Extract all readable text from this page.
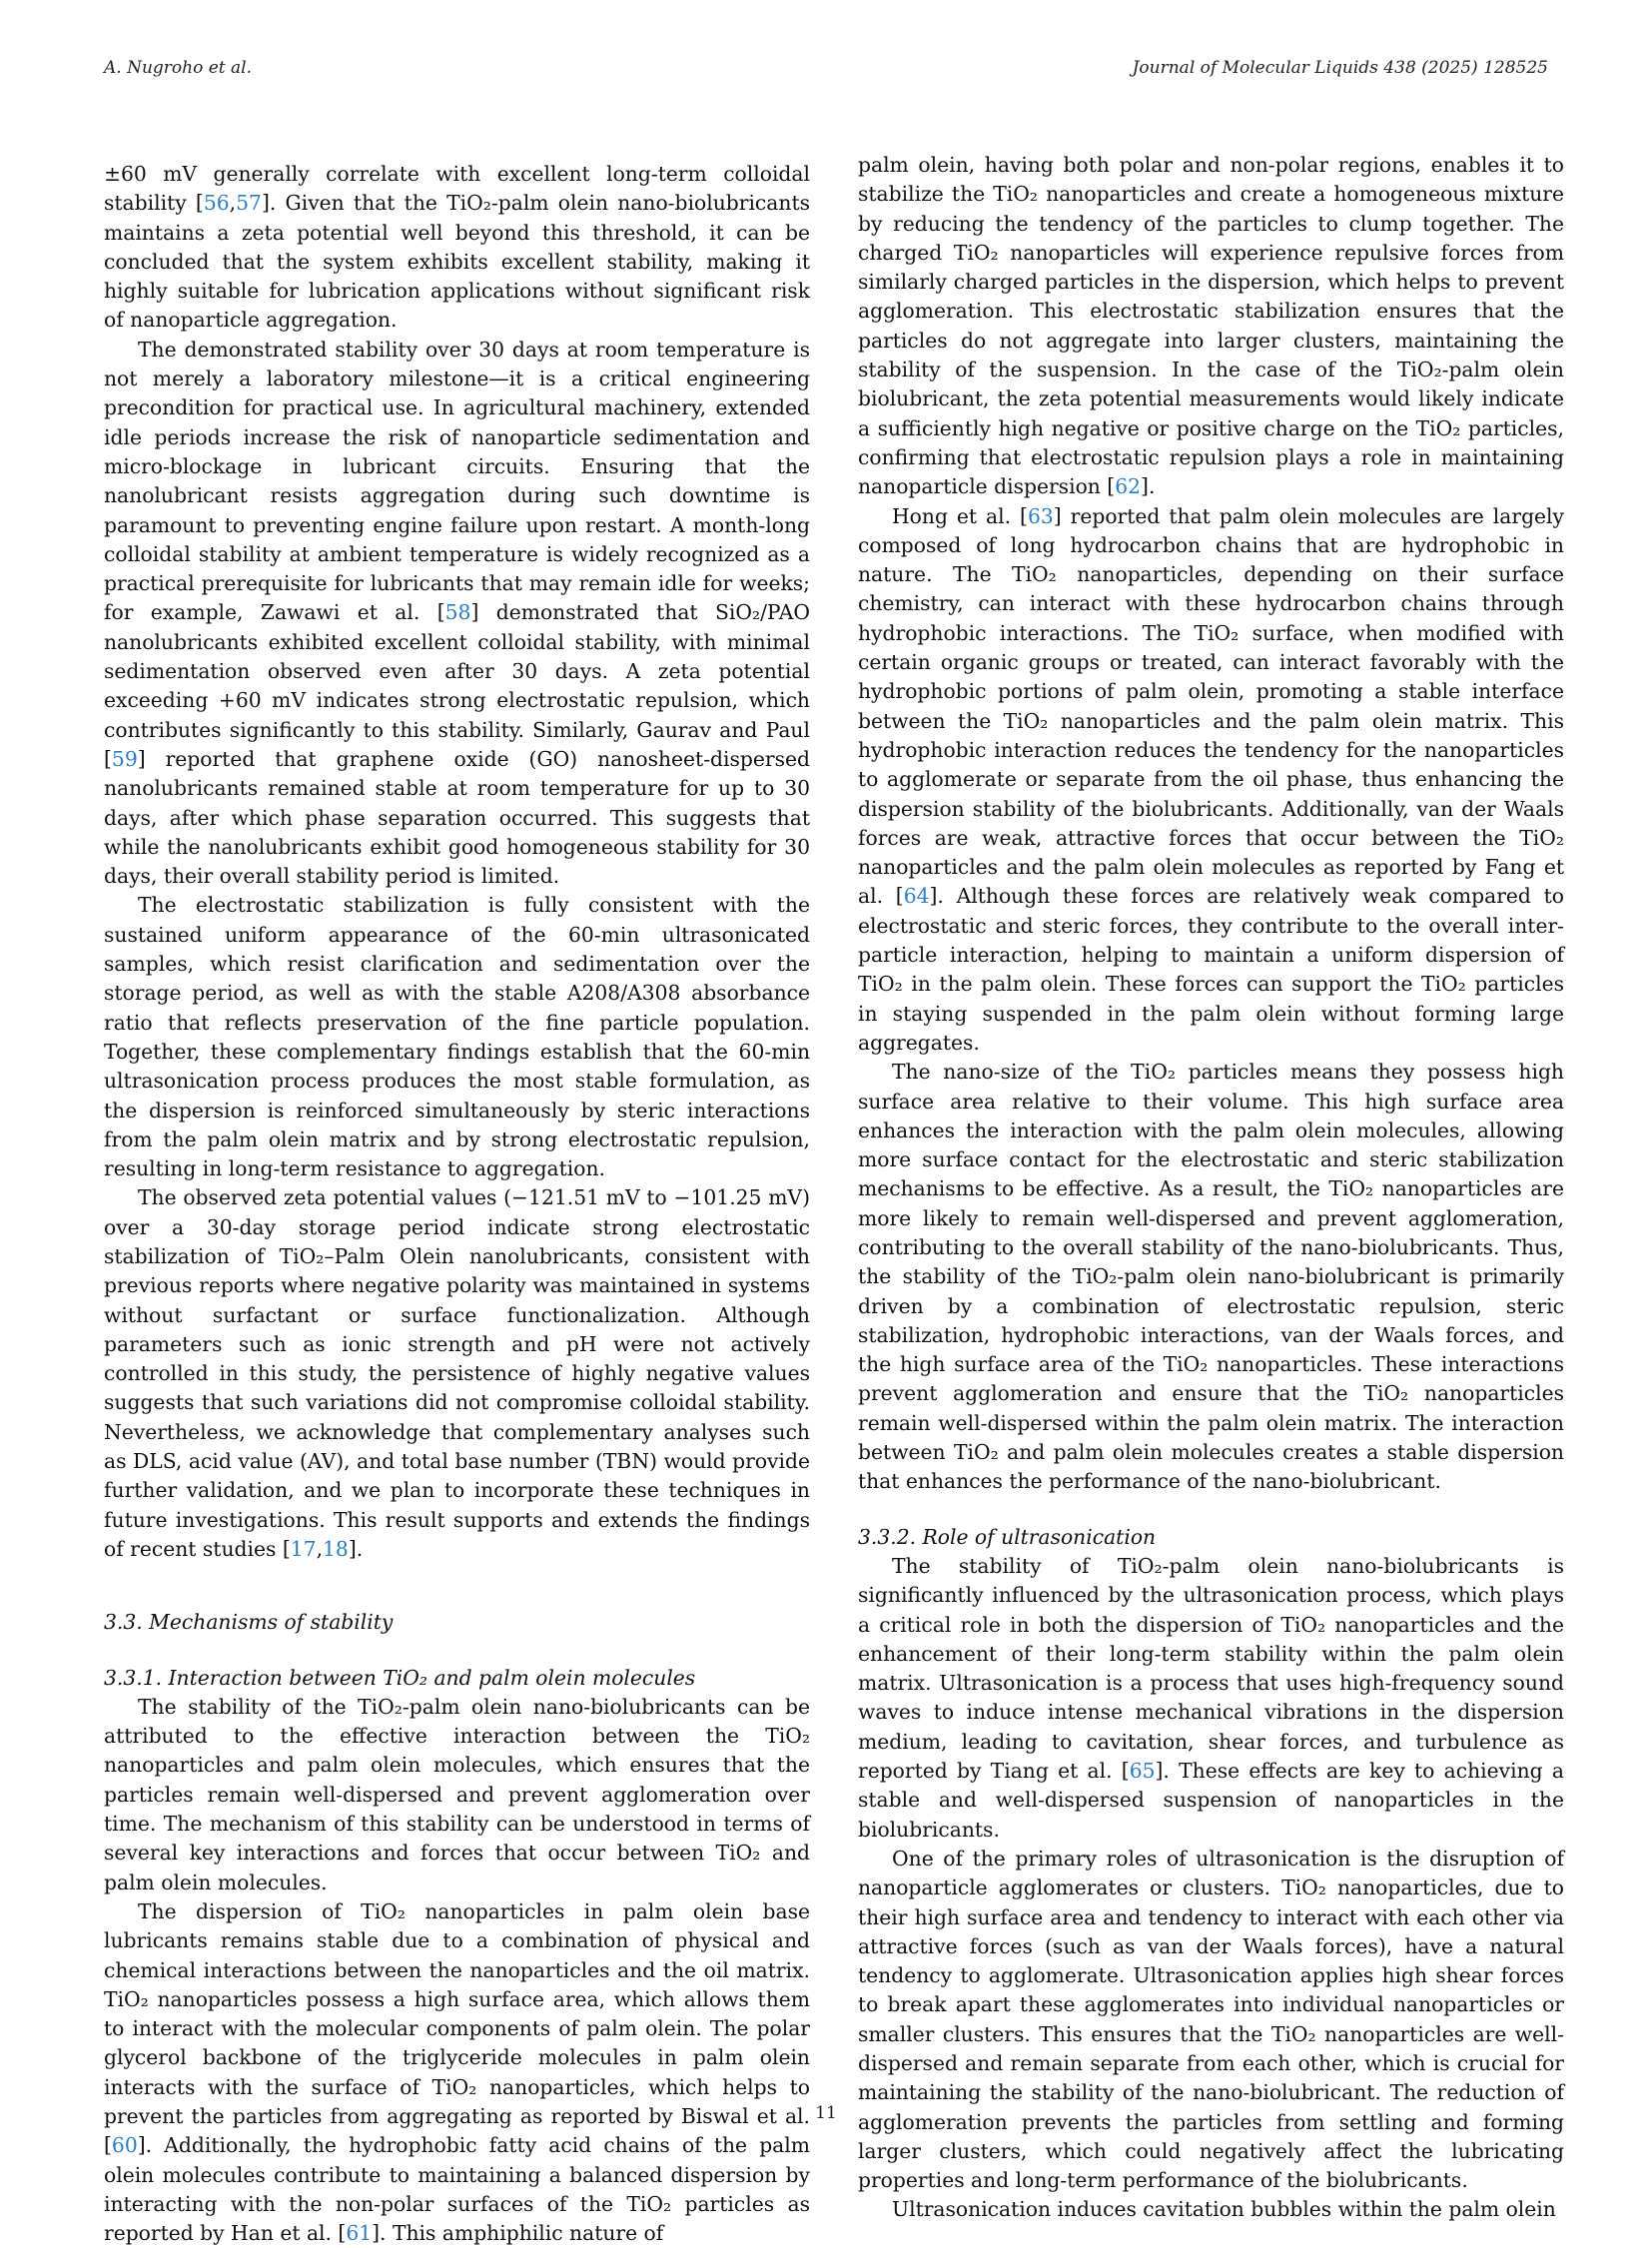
A. Nugroho et al.	Journal of Molecular Liquids 438 (2025) 128525

±60 mV generally correlate with excellent long-term colloidal stability [56,57]. Given that the TiO₂-palm olein nano-biolubricants maintains a zeta potential well beyond this threshold, it can be concluded that the system exhibits excellent stability, making it highly suitable for lubrication applications without significant risk of nanoparticle aggregation.

The demonstrated stability over 30 days at room temperature is not merely a laboratory milestone—it is a critical engineering precondition for practical use. In agricultural machinery, extended idle periods increase the risk of nanoparticle sedimentation and micro-blockage in lubricant circuits. Ensuring that the nanolubricant resists aggregation during such downtime is paramount to preventing engine failure upon restart. A month-long colloidal stability at ambient temperature is widely recognized as a practical prerequisite for lubricants that may remain idle for weeks; for example, Zawawi et al. [58] demonstrated that SiO₂/PAO nanolubricants exhibited excellent colloidal stability, with minimal sedimentation observed even after 30 days. A zeta potential exceeding +60 mV indicates strong electrostatic repulsion, which contributes significantly to this stability. Similarly, Gaurav and Paul [59] reported that graphene oxide (GO) nanosheet-dispersed nanolubricants remained stable at room temperature for up to 30 days, after which phase separation occurred. This suggests that while the nanolubricants exhibit good homogeneous stability for 30 days, their overall stability period is limited.

The electrostatic stabilization is fully consistent with the sustained uniform appearance of the 60-min ultrasonicated samples, which resist clarification and sedimentation over the storage period, as well as with the stable A208/A308 absorbance ratio that reflects preservation of the fine particle population. Together, these complementary findings establish that the 60-min ultrasonication process produces the most stable formulation, as the dispersion is reinforced simultaneously by steric interactions from the palm olein matrix and by strong electrostatic repulsion, resulting in long-term resistance to aggregation.

The observed zeta potential values (−121.51 mV to −101.25 mV) over a 30-day storage period indicate strong electrostatic stabilization of TiO₂–Palm Olein nanolubricants, consistent with previous reports where negative polarity was maintained in systems without surfactant or surface functionalization. Although parameters such as ionic strength and pH were not actively controlled in this study, the persistence of highly negative values suggests that such variations did not compromise colloidal stability. Nevertheless, we acknowledge that complementary analyses such as DLS, acid value (AV), and total base number (TBN) would provide further validation, and we plan to incorporate these techniques in future investigations. This result supports and extends the findings of recent studies [17,18].

3.3. Mechanisms of stability
3.3.1. Interaction between TiO₂ and palm olein molecules

The stability of the TiO₂-palm olein nano-biolubricants can be attributed to the effective interaction between the TiO₂ nanoparticles and palm olein molecules, which ensures that the particles remain well-dispersed and prevent agglomeration over time. The mechanism of this stability can be understood in terms of several key interactions and forces that occur between TiO₂ and palm olein molecules.

The dispersion of TiO₂ nanoparticles in palm olein base lubricants remains stable due to a combination of physical and chemical interactions between the nanoparticles and the oil matrix. TiO₂ nanoparticles possess a high surface area, which allows them to interact with the molecular components of palm olein. The polar glycerol backbone of the triglyceride molecules in palm olein interacts with the surface of TiO₂ nanoparticles, which helps to prevent the particles from aggregating as reported by Biswal et al. [60]. Additionally, the hydrophobic fatty acid chains of the palm olein molecules contribute to maintaining a balanced dispersion by interacting with the non-polar surfaces of the TiO₂ particles as reported by Han et al. [61]. This amphiphilic nature of

palm olein, having both polar and non-polar regions, enables it to stabilize the TiO₂ nanoparticles and create a homogeneous mixture by reducing the tendency of the particles to clump together. The charged TiO₂ nanoparticles will experience repulsive forces from similarly charged particles in the dispersion, which helps to prevent agglomeration. This electrostatic stabilization ensures that the particles do not aggregate into larger clusters, maintaining the stability of the suspension. In the case of the TiO₂-palm olein biolubricant, the zeta potential measurements would likely indicate a sufficiently high negative or positive charge on the TiO₂ particles, confirming that electrostatic repulsion plays a role in maintaining nanoparticle dispersion [62].

Hong et al. [63] reported that palm olein molecules are largely composed of long hydrocarbon chains that are hydrophobic in nature. The TiO₂ nanoparticles, depending on their surface chemistry, can interact with these hydrocarbon chains through hydrophobic interactions. The TiO₂ surface, when modified with certain organic groups or treated, can interact favorably with the hydrophobic portions of palm olein, promoting a stable interface between the TiO₂ nanoparticles and the palm olein matrix. This hydrophobic interaction reduces the tendency for the nanoparticles to agglomerate or separate from the oil phase, thus enhancing the dispersion stability of the biolubricants. Additionally, van der Waals forces are weak, attractive forces that occur between the TiO₂ nanoparticles and the palm olein molecules as reported by Fang et al. [64]. Although these forces are relatively weak compared to electrostatic and steric forces, they contribute to the overall inter-particle interaction, helping to maintain a uniform dispersion of TiO₂ in the palm olein. These forces can support the TiO₂ particles in staying suspended in the palm olein without forming large aggregates.

The nano-size of the TiO₂ particles means they possess high surface area relative to their volume. This high surface area enhances the interaction with the palm olein molecules, allowing more surface contact for the electrostatic and steric stabilization mechanisms to be effective. As a result, the TiO₂ nanoparticles are more likely to remain well-dispersed and prevent agglomeration, contributing to the overall stability of the nano-biolubricants. Thus, the stability of the TiO₂-palm olein nano-biolubricant is primarily driven by a combination of electrostatic repulsion, steric stabilization, hydrophobic interactions, van der Waals forces, and the high surface area of the TiO₂ nanoparticles. These interactions prevent agglomeration and ensure that the TiO₂ nanoparticles remain well-dispersed within the palm olein matrix. The interaction between TiO₂ and palm olein molecules creates a stable dispersion that enhances the performance of the nano-biolubricant.

3.3.2. Role of ultrasonication

The stability of TiO₂-palm olein nano-biolubricants is significantly influenced by the ultrasonication process, which plays a critical role in both the dispersion of TiO₂ nanoparticles and the enhancement of their long-term stability within the palm olein matrix. Ultrasonication is a process that uses high-frequency sound waves to induce intense mechanical vibrations in the dispersion medium, leading to cavitation, shear forces, and turbulence as reported by Tiang et al. [65]. These effects are key to achieving a stable and well-dispersed suspension of nanoparticles in the biolubricants.

One of the primary roles of ultrasonication is the disruption of nanoparticle agglomerates or clusters. TiO₂ nanoparticles, due to their high surface area and tendency to interact with each other via attractive forces (such as van der Waals forces), have a natural tendency to agglomerate. Ultrasonication applies high shear forces to break apart these agglomerates into individual nanoparticles or smaller clusters. This ensures that the TiO₂ nanoparticles are well-dispersed and remain separate from each other, which is crucial for maintaining the stability of the nano-biolubricant. The reduction of agglomeration prevents the particles from settling and forming larger clusters, which could negatively affect the lubricating properties and long-term performance of the biolubricants.

Ultrasonication induces cavitation bubbles within the palm olein

11
